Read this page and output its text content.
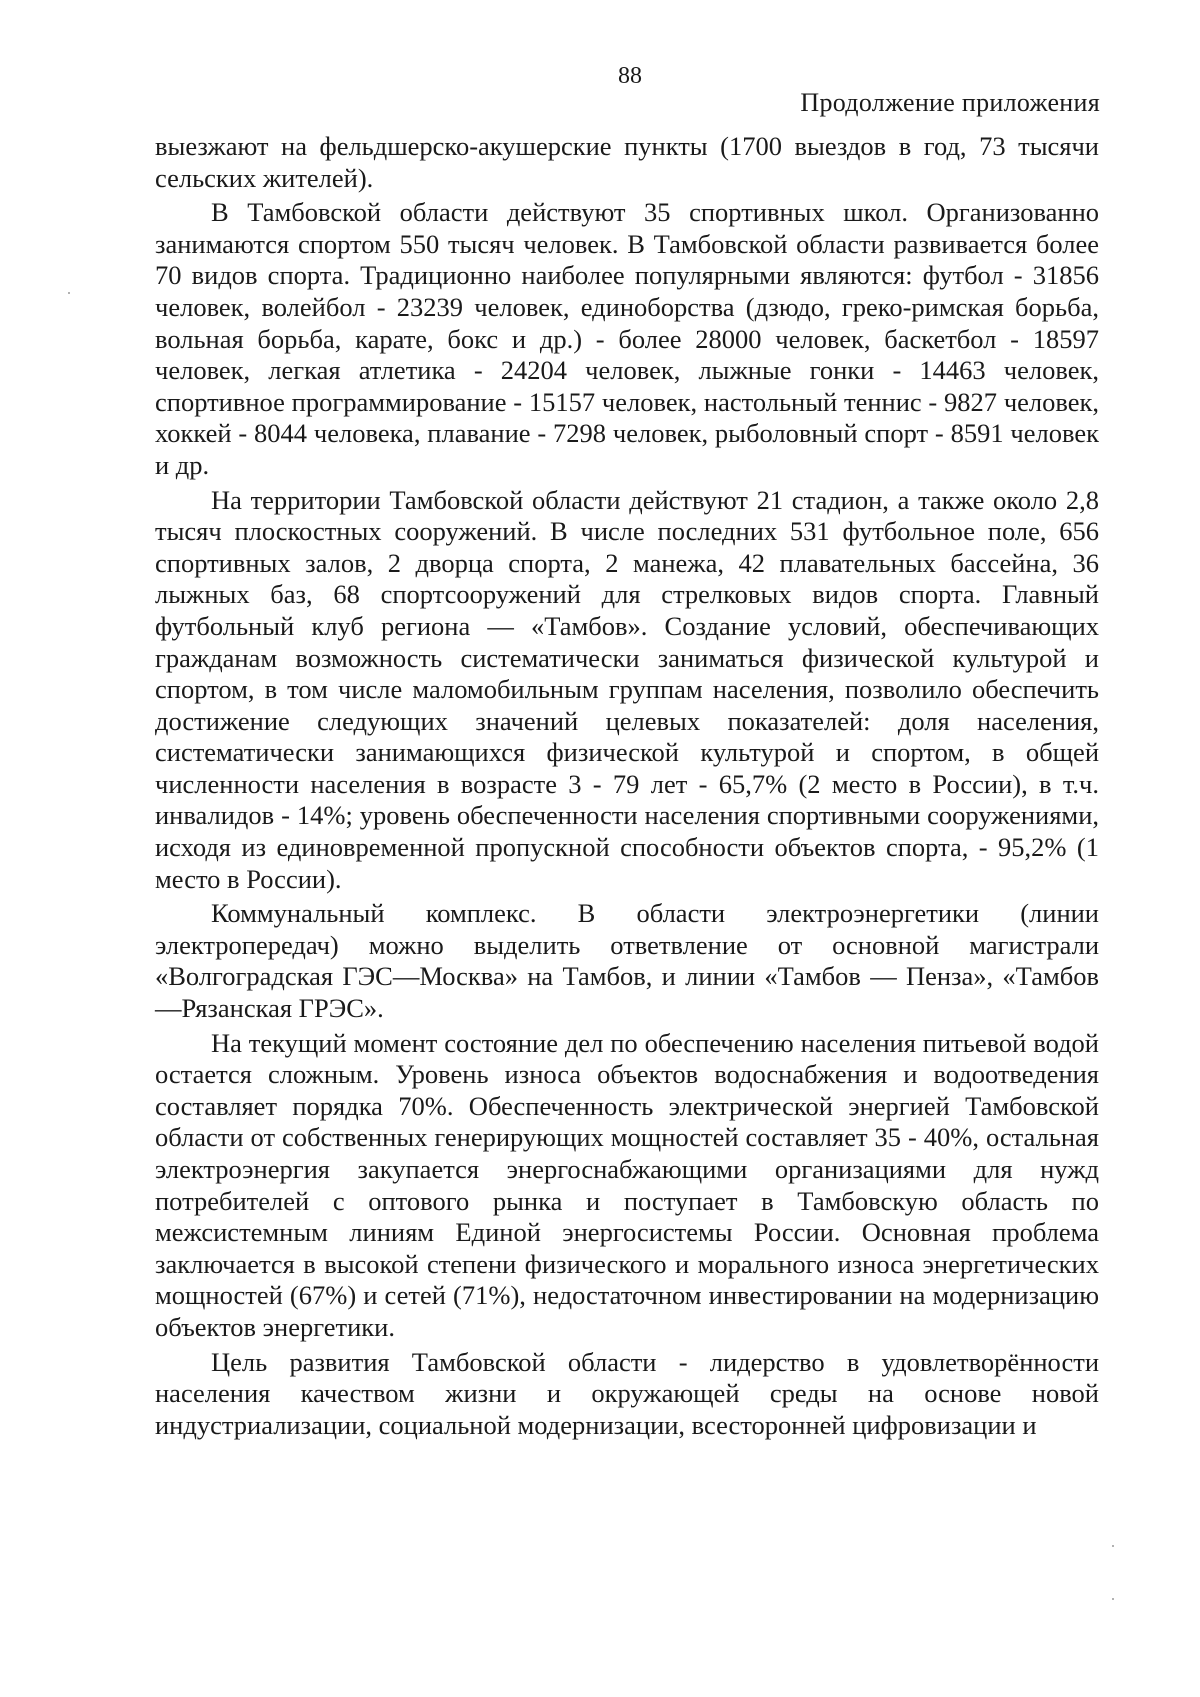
88
Продолжение приложения

выезжают на фельдшерско-акушерские пункты (1700 выездов в год, 73 тысячи сельских жителей).

В Тамбовской области действуют 35 спортивных школ. Организованно занимаются спортом 550 тысяч человек. В Тамбовской области развивается более 70 видов спорта. Традиционно наиболее популярными являются: футбол - 31856 человек, волейбол - 23239 человек, единоборства (дзюдо, греко-римская борьба, вольная борьба, карате, бокс и др.) - более 28000 человек, баскетбол - 18597 человек, легкая атлетика - 24204 человек, лыжные гонки - 14463 человек, спортивное программирование - 15157 человек, настольный теннис - 9827 человек, хоккей - 8044 человека, плавание - 7298 человек, рыболовный спорт - 8591 человек и др.

На территории Тамбовской области действуют 21 стадион, а также около 2,8 тысяч плоскостных сооружений. В числе последних 531 футбольное поле, 656 спортивных залов, 2 дворца спорта, 2 манежа, 42 плавательных бассейна, 36 лыжных баз, 68 спортсооружений для стрелковых видов спорта. Главный футбольный клуб региона — «Тамбов». Создание условий, обеспечивающих гражданам возможность систематически заниматься физической культурой и спортом, в том числе маломобильным группам населения, позволило обеспечить достижение следующих значений целевых показателей: доля населения, систематически занимающихся физической культурой и спортом, в общей численности населения в возрасте 3 - 79 лет - 65,7% (2 место в России), в т.ч. инвалидов - 14%; уровень обеспеченности населения спортивными сооружениями, исходя из единовременной пропускной способности объектов спорта, - 95,2% (1 место в России).

Коммунальный комплекс. В области электроэнергетики (линии электропередач) можно выделить ответвление от основной магистрали «Волгоградская ГЭС—Москва» на Тамбов, и линии «Тамбов — Пенза», «Тамбов—Рязанская ГРЭС».

На текущий момент состояние дел по обеспечению населения питьевой водой остается сложным. Уровень износа объектов водоснабжения и водоотведения составляет порядка 70%. Обеспеченность электрической энергией Тамбовской области от собственных генерирующих мощностей составляет 35 - 40%, остальная электроэнергия закупается энергоснабжающими организациями для нужд потребителей с оптового рынка и поступает в Тамбовскую область по межсистемным линиям Единой энергосистемы России. Основная проблема заключается в высокой степени физического и морального износа энергетических мощностей (67%) и сетей (71%), недостаточном инвестировании на модернизацию объектов энергетики.

Цель развития Тамбовской области - лидерство в удовлетворённости населения качеством жизни и окружающей среды на основе новой индустриализации, социальной модернизации, всесторонней цифровизации и
